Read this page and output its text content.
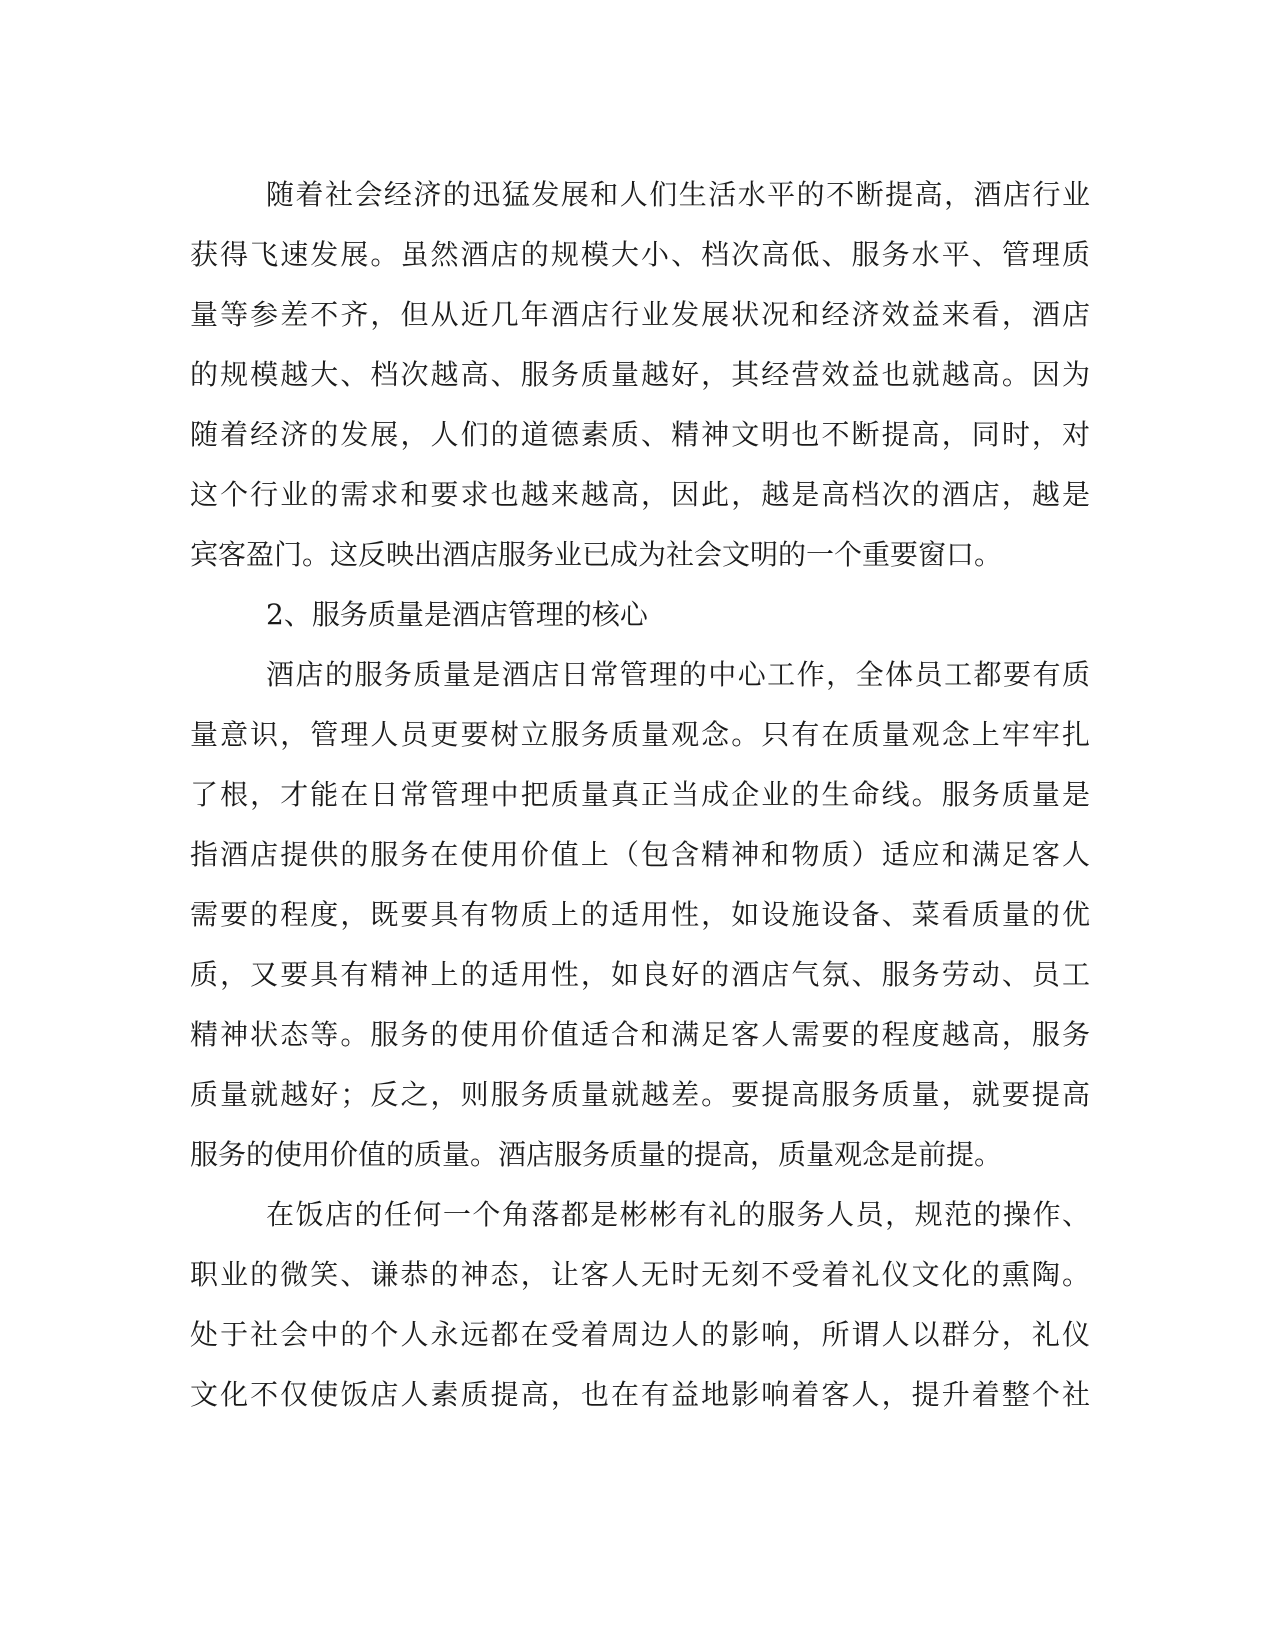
随着社会经济的迅猛发展和人们生活水平的不断提高，酒店行业
获得飞速发展。虽然酒店的规模大小、档次高低、服务水平、管理质
量等参差不齐，但从近几年酒店行业发展状况和经济效益来看，酒店
的规模越大、档次越高、服务质量越好，其经营效益也就越高。因为
随着经济的发展，人们的道德素质、精神文明也不断提高，同时，对
这个行业的需求和要求也越来越高，因此，越是高档次的酒店，越是
宾客盈门。这反映出酒店服务业已成为社会文明的一个重要窗口。
2、服务质量是酒店管理的核心
酒店的服务质量是酒店日常管理的中心工作，全体员工都要有质
量意识，管理人员更要树立服务质量观念。只有在质量观念上牢牢扎
了根，才能在日常管理中把质量真正当成企业的生命线。服务质量是
指酒店提供的服务在使用价值上（包含精神和物质）适应和满足客人
需要的程度，既要具有物质上的适用性，如设施设备、菜看质量的优
质，又要具有精神上的适用性，如良好的酒店气氛、服务劳动、员工
精神状态等。服务的使用价值适合和满足客人需要的程度越高，服务
质量就越好；反之，则服务质量就越差。要提高服务质量，就要提高
服务的使用价值的质量。酒店服务质量的提高，质量观念是前提。
在饭店的任何一个角落都是彬彬有礼的服务人员，规范的操作、
职业的微笑、谦恭的神态，让客人无时无刻不受着礼仪文化的熏陶。
处于社会中的个人永远都在受着周边人的影响，所谓人以群分，礼仪
文化不仅使饭店人素质提高，也在有益地影响着客人，提升着整个社
